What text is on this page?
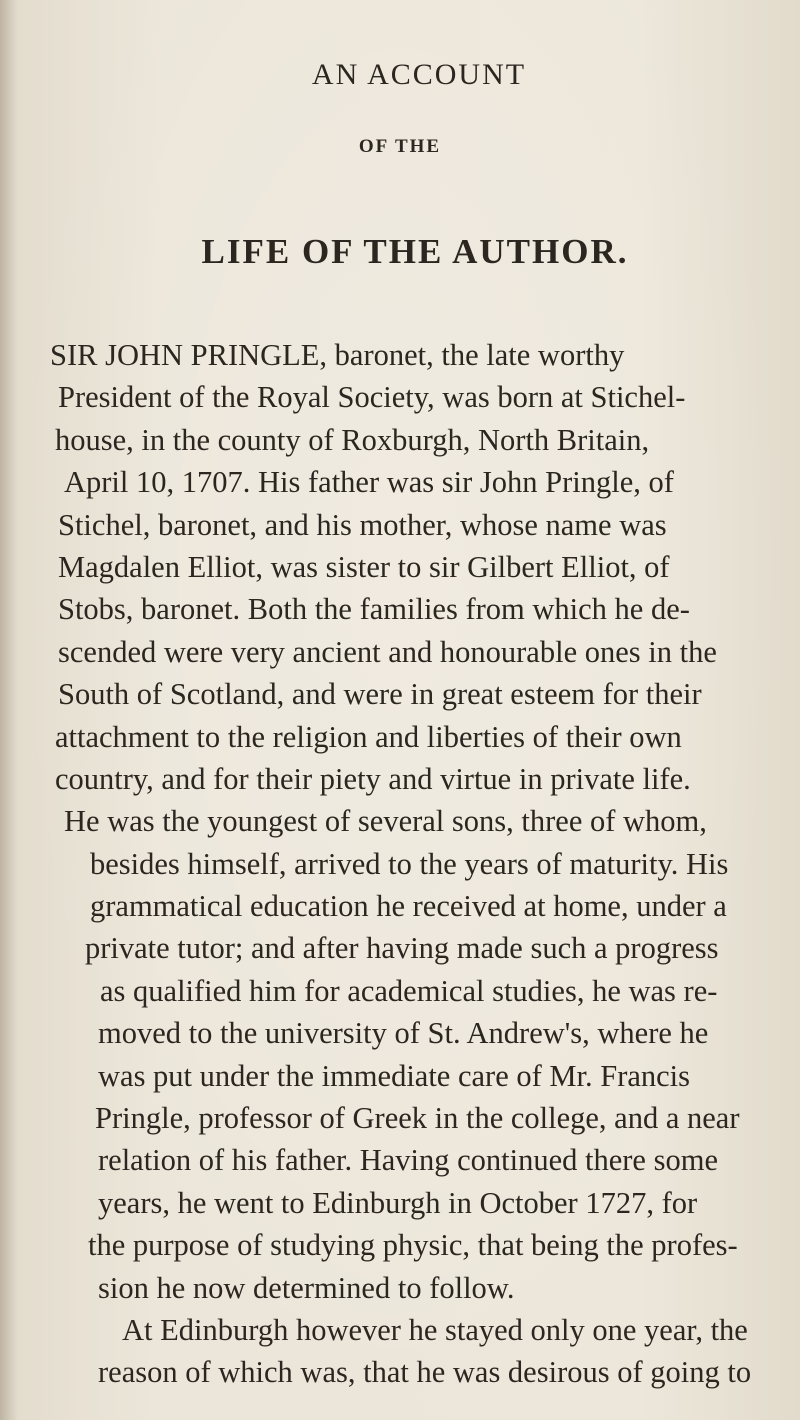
AN ACCOUNT
OF THE
LIFE OF THE AUTHOR.
SIR JOHN PRINGLE, baronet, the late worthy
President of the Royal Society, was born at Stichel-
house, in the county of Roxburgh, North Britain,
April 10, 1707. His father was sir John Pringle, of
Stichel, baronet, and his mother, whose name was
Magdalen Elliot, was sister to sir Gilbert Elliot, of
Stobs, baronet. Both the families from which he de-
scended were very ancient and honourable ones in the
South of Scotland, and were in great esteem for their
attachment to the religion and liberties of their own
country, and for their piety and virtue in private life.
He was the youngest of several sons, three of whom,
besides himself, arrived to the years of maturity. His
grammatical education he received at home, under a
private tutor; and after having made such a progress
as qualified him for academical studies, he was re-
moved to the university of St. Andrew's, where he
was put under the immediate care of Mr. Francis
Pringle, professor of Greek in the college, and a near
relation of his father. Having continued there some
years, he went to Edinburgh in October 1727, for
the purpose of studying physic, that being the profes-
sion he now determined to follow.
At Edinburgh however he stayed only one year, the
reason of which was, that he was desirous of going to
